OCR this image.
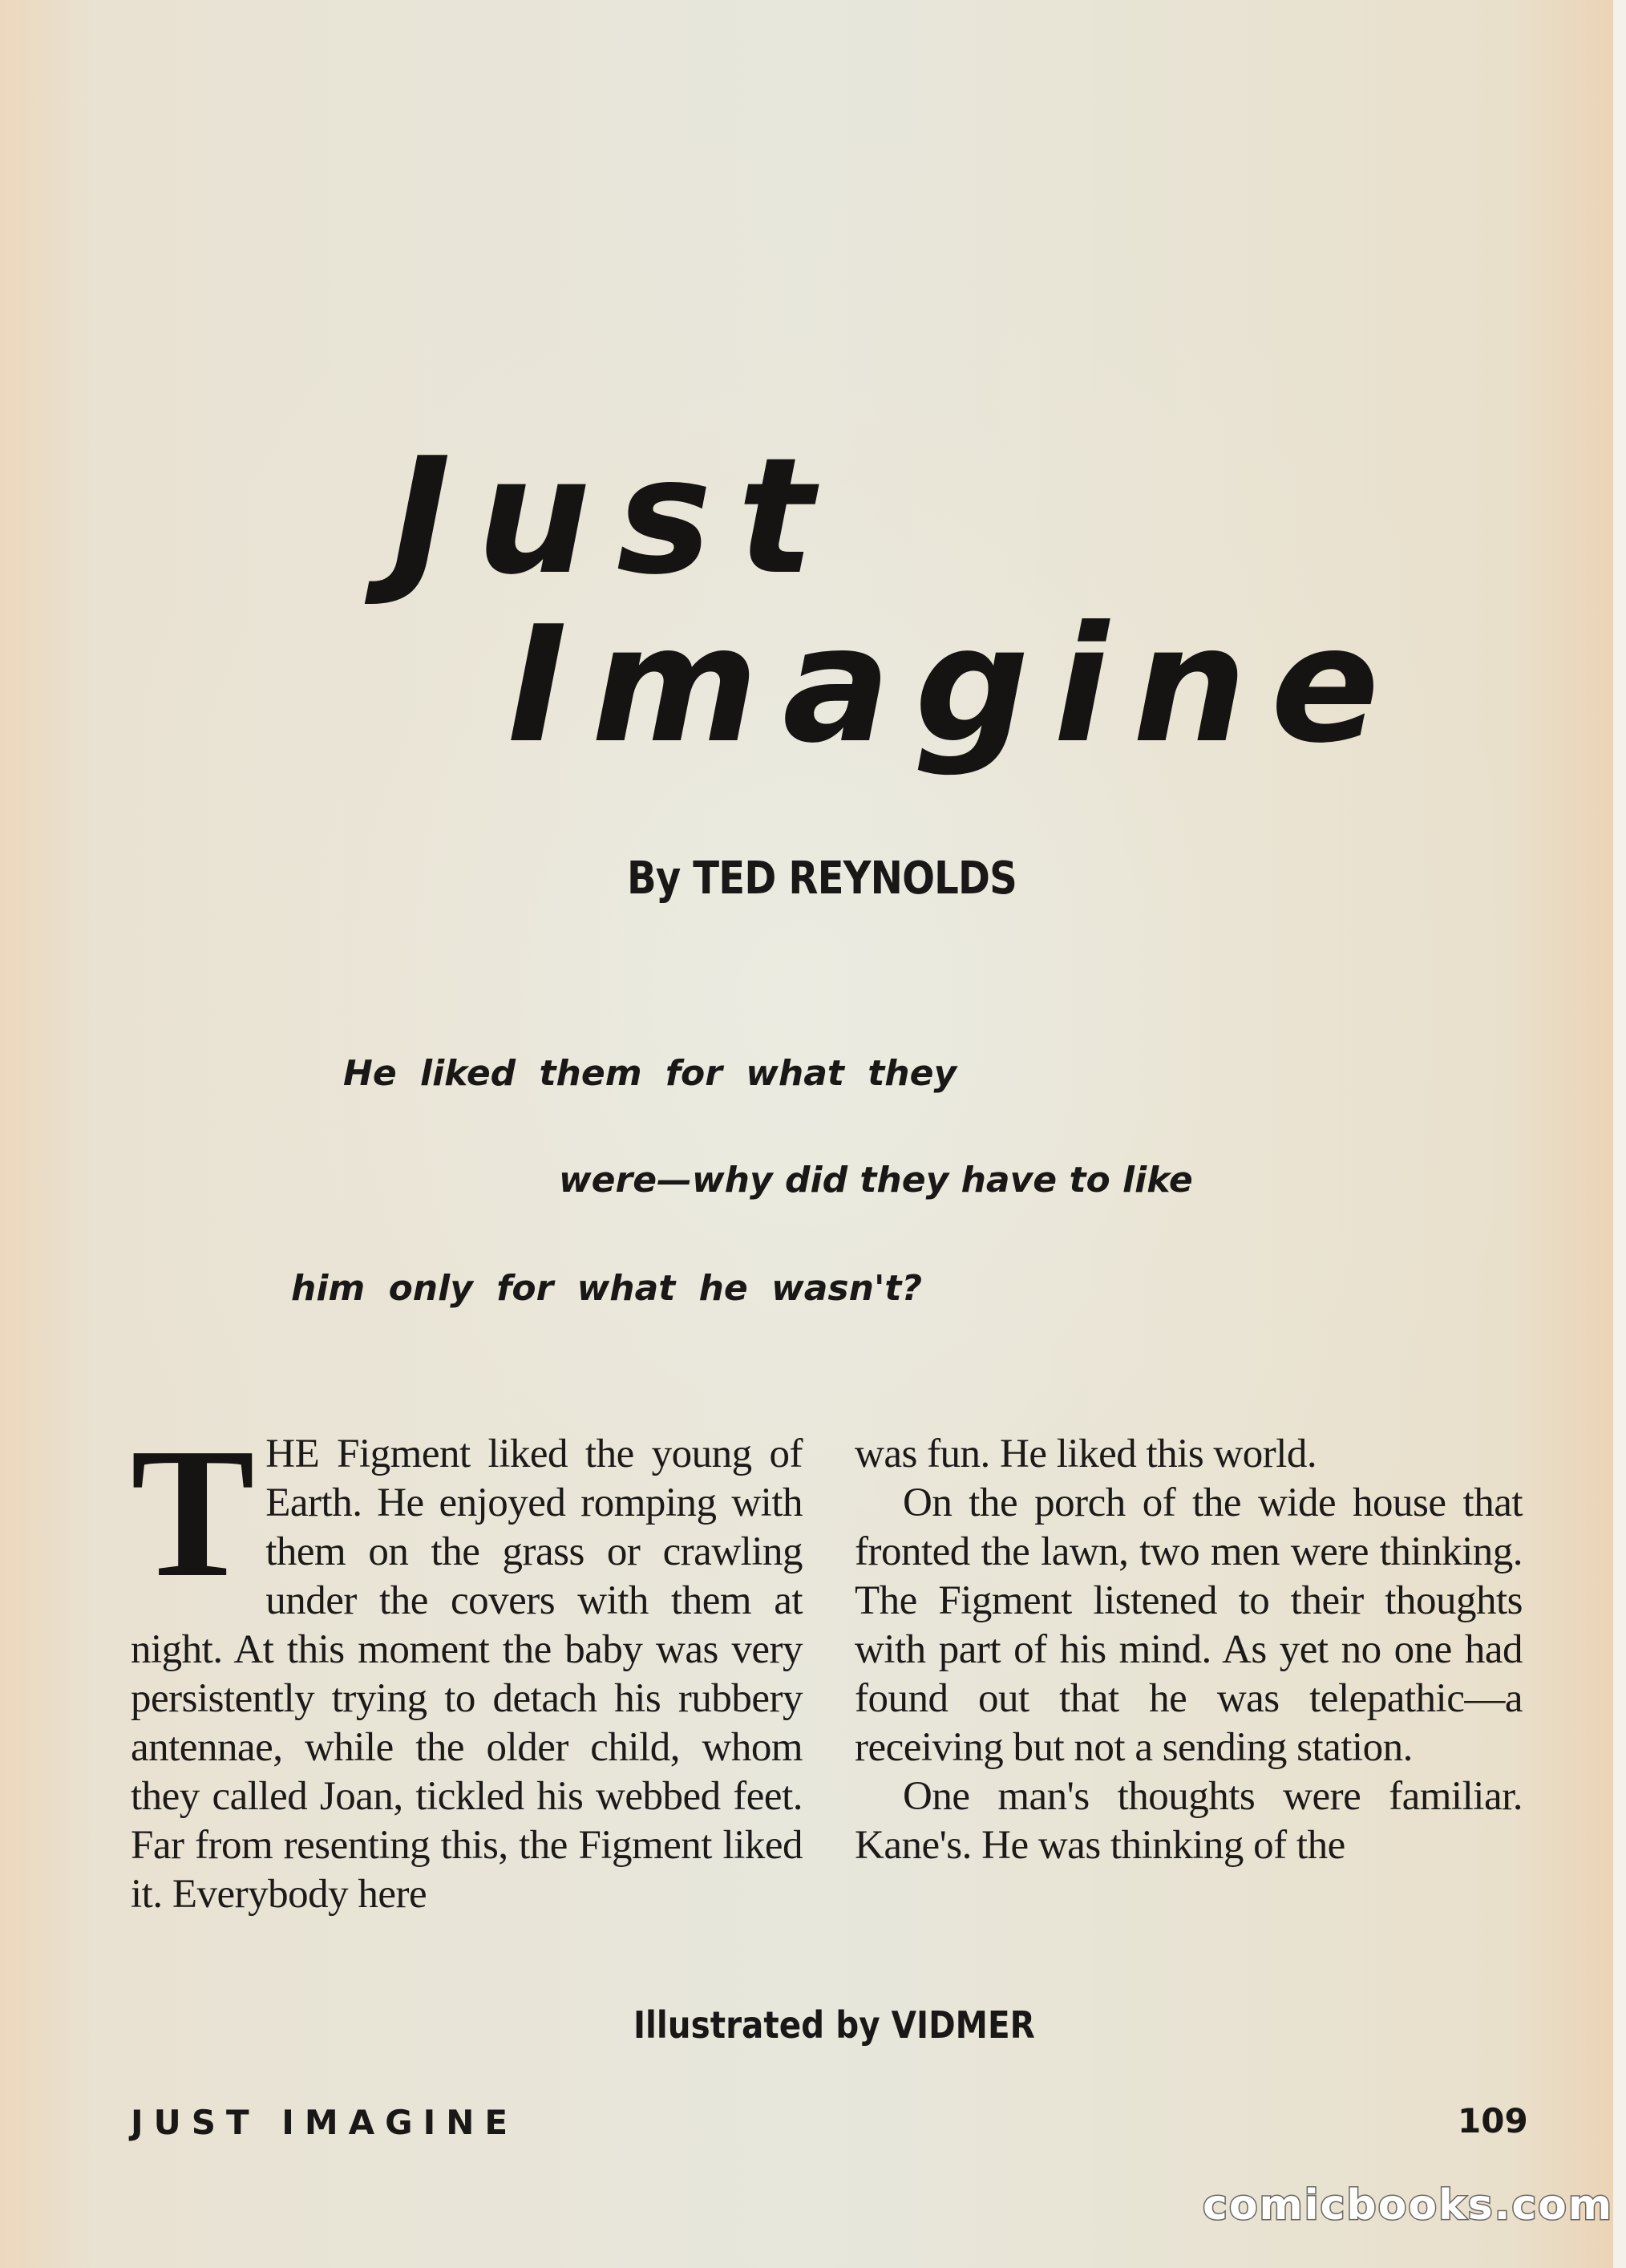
Just
Imagine

By TED REYNOLDS

He liked them for what they

were—why did they have to like

him only for what he wasn't?

T HE Figment liked the young of Earth. He enjoyed romping with them on the grass or crawling under the covers with them at night. At this moment the baby was very persistently trying to detach his rubbery antennae, while the older child, whom they called Joan, tickled his webbed feet. Far from resenting this, the Figment liked it. Everybody here

was fun. He liked this world.

On the porch of the wide house that fronted the lawn, two men were thinking. The Figment listened to their thoughts with part of his mind. As yet no one had found out that he was telepathic—a receiving but not a sending station.

One man's thoughts were familiar. Kane's. He was thinking of the

Illustrated by VIDMER

JUST IMAGINE	109

comicbooks.com
